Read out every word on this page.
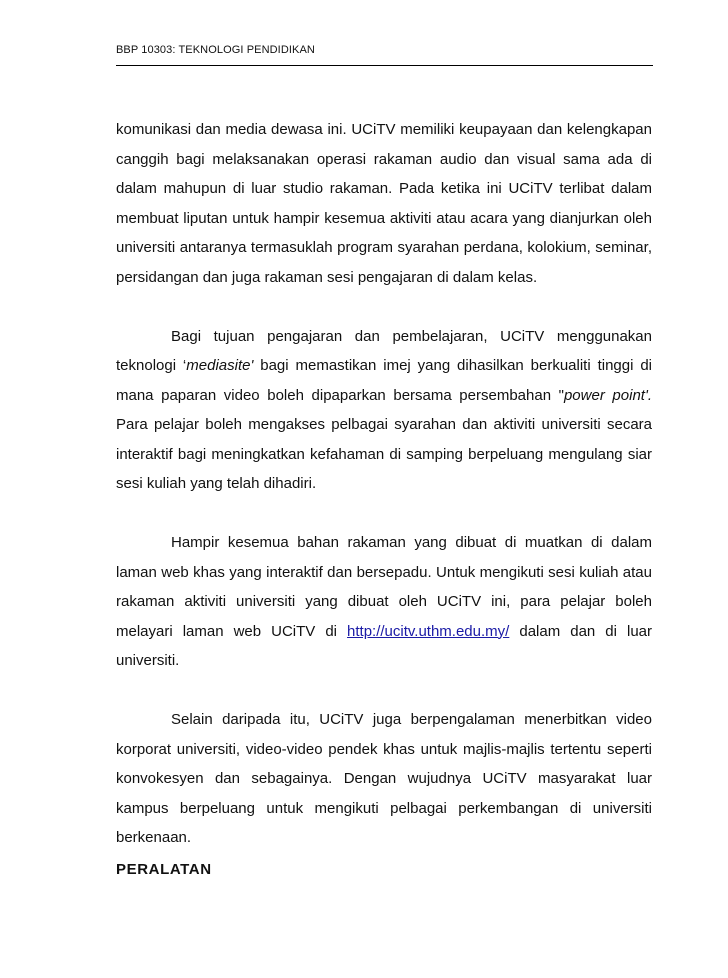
BBP 10303: TEKNOLOGI PENDIDIKAN

komunikasi dan media dewasa ini. UCiTV memiliki keupayaan dan kelengkapan canggih bagi melaksanakan operasi rakaman audio dan visual sama ada di dalam mahupun di luar studio rakaman. Pada ketika ini UCiTV terlibat dalam membuat liputan untuk hampir kesemua aktiviti atau acara yang dianjurkan oleh universiti antaranya termasuklah program syarahan perdana, kolokium, seminar, persidangan dan juga rakaman sesi pengajaran di dalam kelas.

Bagi tujuan pengajaran dan pembelajaran, UCiTV menggunakan teknologi ‘mediasite' bagi memastikan imej yang dihasilkan berkualiti tinggi di mana paparan video boleh dipaparkan bersama persembahan "power point'. Para pelajar boleh mengakses pelbagai syarahan dan aktiviti universiti secara interaktif bagi meningkatkan kefahaman di samping berpeluang mengulang siar sesi kuliah yang telah dihadiri.

Hampir kesemua bahan rakaman yang dibuat di muatkan di dalam laman web khas yang interaktif dan bersepadu. Untuk mengikuti sesi kuliah atau rakaman aktiviti universiti yang dibuat oleh UCiTV ini, para pelajar boleh melayari laman web UCiTV di http://ucitv.uthm.edu.my/ dalam dan di luar universiti.

Selain daripada itu, UCiTV juga berpengalaman menerbitkan video korporat universiti, video-video pendek khas untuk majlis-majlis tertentu seperti konvokesyen dan sebagainya. Dengan wujudnya UCiTV masyarakat luar kampus berpeluang untuk mengikuti pelbagai perkembangan di universiti berkenaan.

PERALATAN
